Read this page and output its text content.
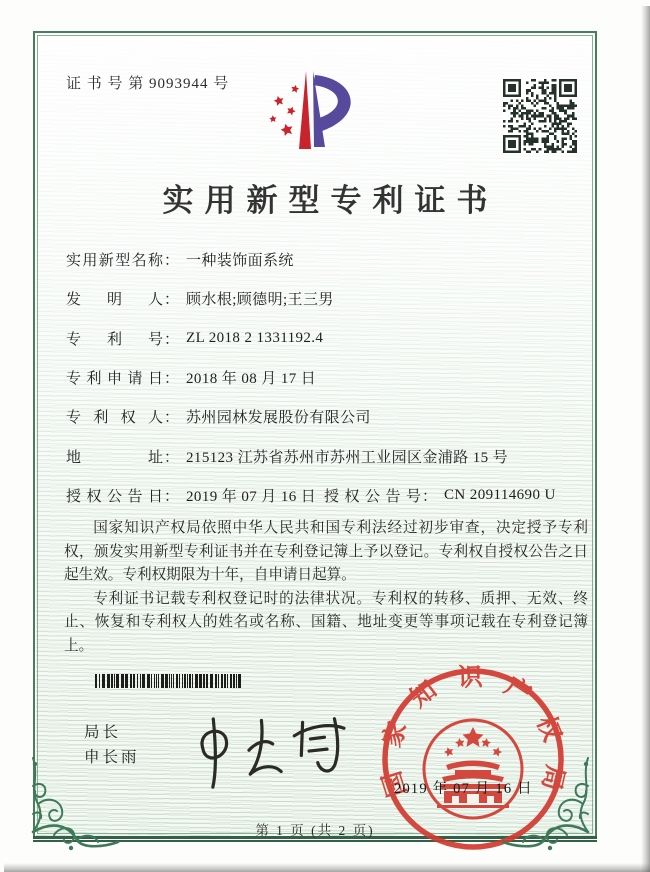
证 书 号 第 9093944 号
实用新型专利证书
实用新型名称 ： 一种装饰面系统
发明人 ： 顾水根;顾德明;王三男
专利号 ： ZL 2018 2 1331192.4
专利申请日 ： 2018 年 08 月 17 日
专利权人 ： 苏州园林发展股份有限公司
地址 ： 215123 江苏省苏州市苏州工业园区金浦路 15 号
授权公告日 ： 2019 年 07 月 16 日 授权公告号 ： CN 209114690 U

国家知识产权局依照中华人民共和国专利法经过初步审查，决定授予专利权，颁发实用新型专利证书并在专利登记簿上予以登记。专利权自授权公告之日起生效。专利权期限为十年，自申请日起算。

专利证书记载专利权登记时的法律状况。专利权的转移、质押、无效、终止、恢复和专利权人的姓名或名称、国籍、地址变更等事项记载在专利登记簿上。

局长
申长雨
国家知识产权局
2019 年 07 月 16 日
第 1 页 (共 2 页)
